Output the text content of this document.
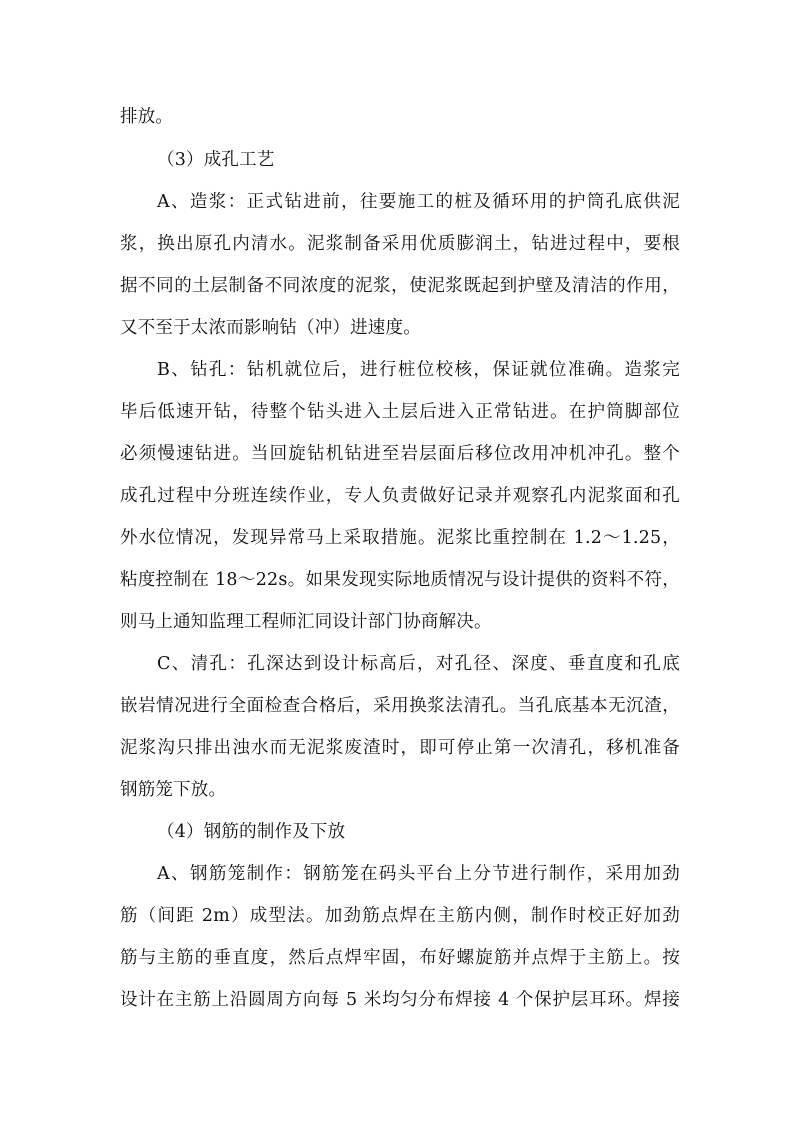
排放。
（3）成孔工艺
A、造浆：正式钻进前，往要施工的桩及循环用的护筒孔底供泥
浆，换出原孔内清水。泥浆制备采用优质膨润土，钻进过程中，要根
据不同的土层制备不同浓度的泥浆，使泥浆既起到护壁及清洁的作用，
又不至于太浓而影响钻（冲）进速度。
B、钻孔：钻机就位后，进行桩位校核，保证就位准确。造浆完
毕后低速开钻，待整个钻头进入土层后进入正常钻进。在护筒脚部位
必须慢速钻进。当回旋钻机钻进至岩层面后移位改用冲机冲孔。整个
成孔过程中分班连续作业，专人负责做好记录并观察孔内泥浆面和孔
外水位情况，发现异常马上采取措施。泥浆比重控制在 1.2～1.25，
粘度控制在 18～22s。如果发现实际地质情况与设计提供的资料不符，
则马上通知监理工程师汇同设计部门协商解决。
C、清孔：孔深达到设计标高后，对孔径、深度、垂直度和孔底
嵌岩情况进行全面检查合格后，采用换浆法清孔。当孔底基本无沉渣，
泥浆沟只排出浊水而无泥浆废渣时，即可停止第一次清孔，移机准备
钢筋笼下放。
（4）钢筋的制作及下放
A、钢筋笼制作：钢筋笼在码头平台上分节进行制作，采用加劲
筋（间距 2m）成型法。加劲筋点焊在主筋内侧，制作时校正好加劲
筋与主筋的垂直度，然后点焊牢固，布好螺旋筋并点焊于主筋上。按
设计在主筋上沿圆周方向每 5 米均匀分布焊接 4 个保护层耳环。焊接
